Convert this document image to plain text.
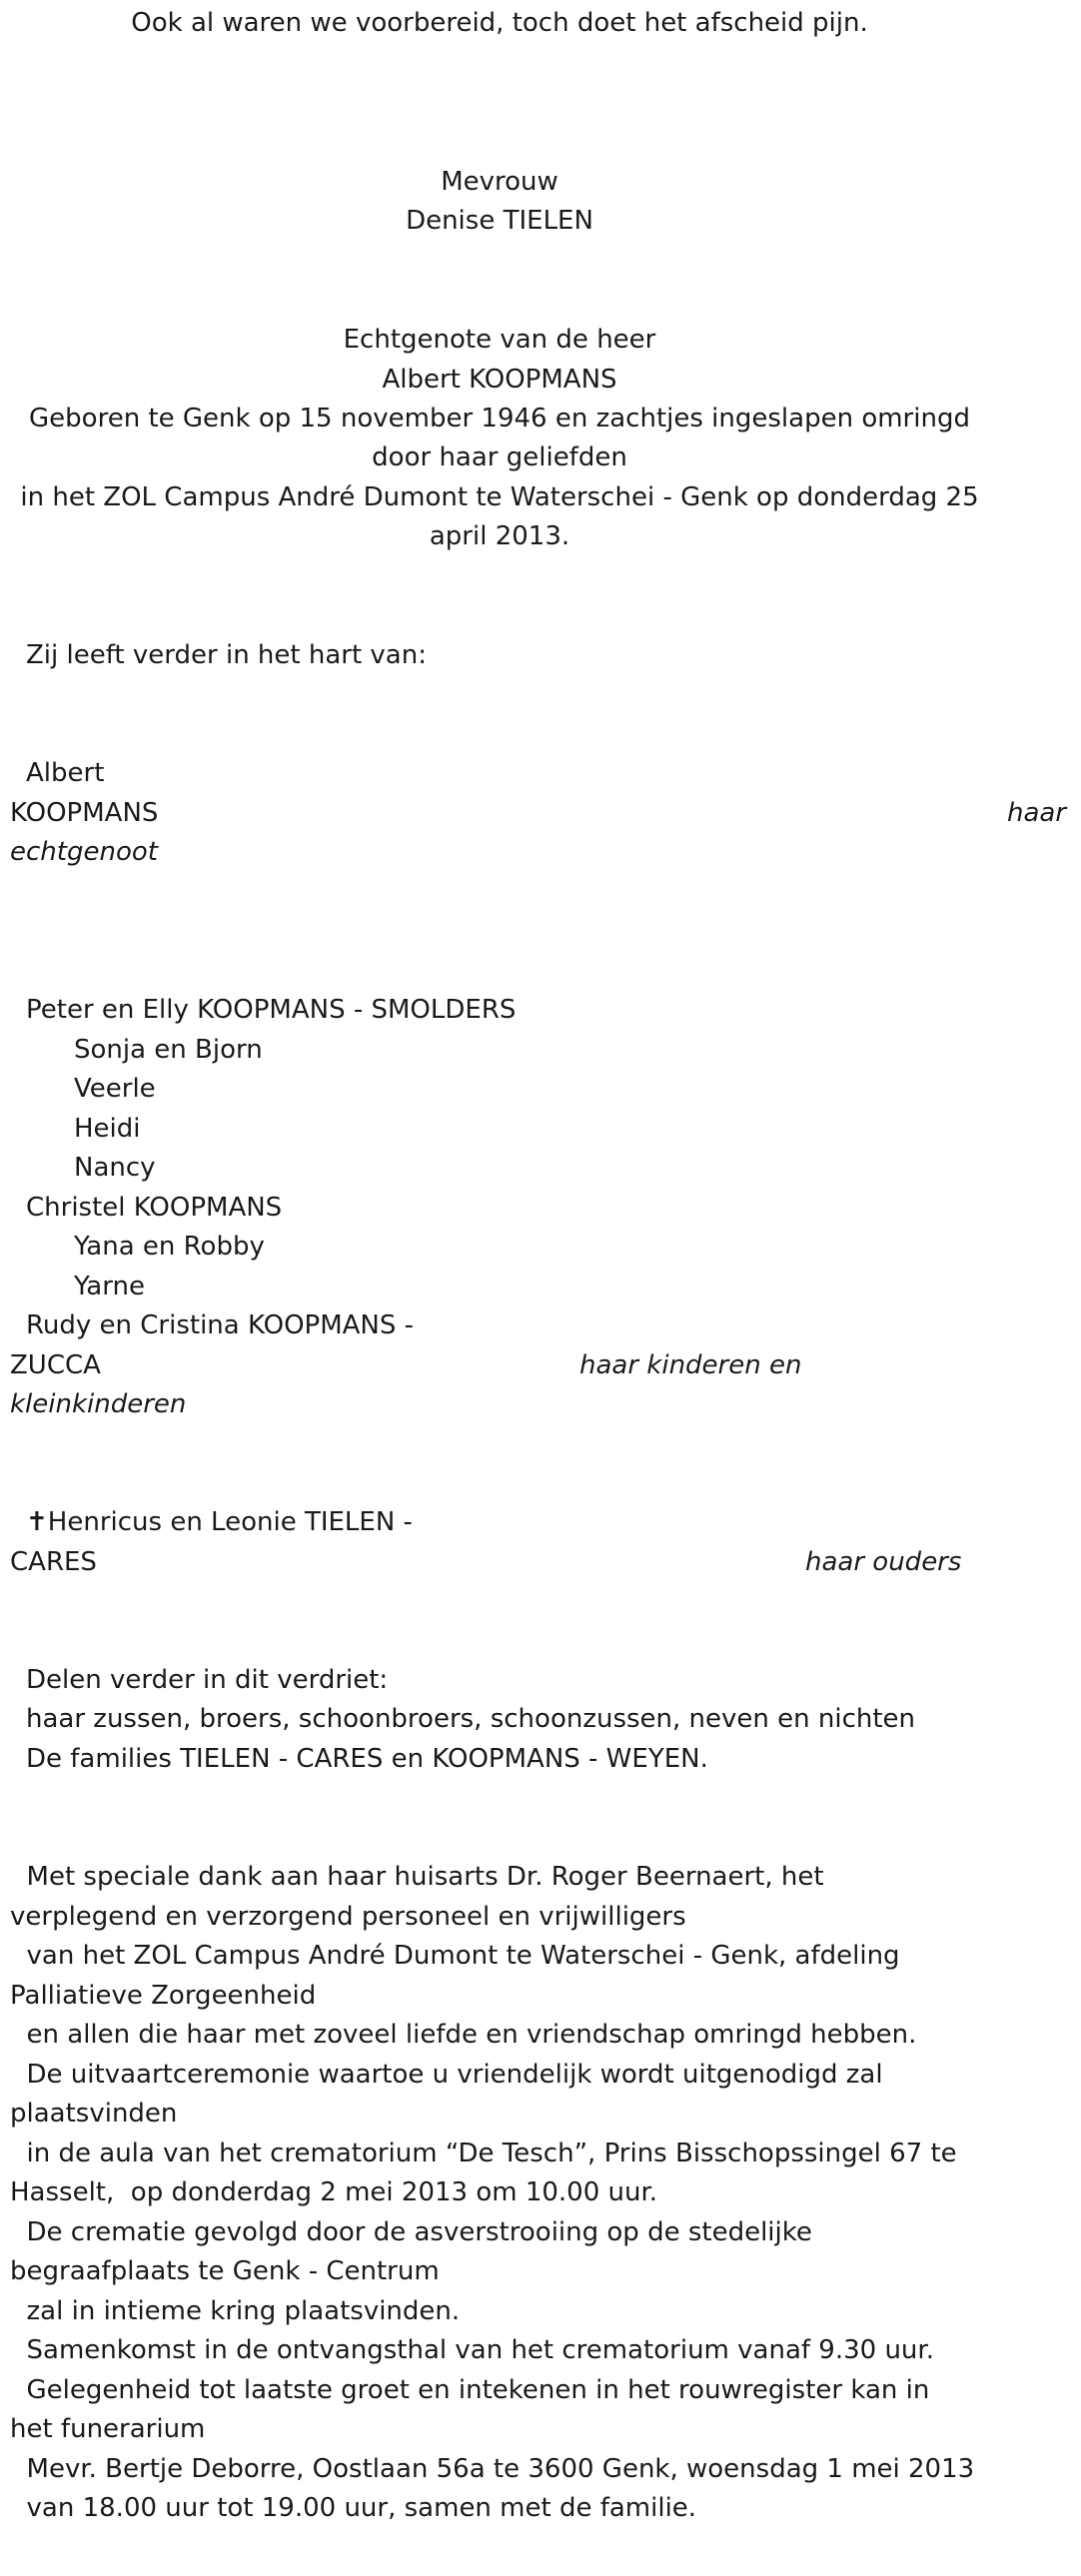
Ook al waren we voorbereid, toch doet het afscheid pijn.

Mevrouw

Denise TIELEN

Echtgenote van de heer

Albert KOOPMANS

Geboren te Genk op 15 november 1946 en zachtjes ingeslapen omringd

door haar geliefden

in het ZOL Campus André Dumont te Waterschei - Genk op donderdag 25

april 2013.

Zij leeft verder in het hart van:

Albert

KOOPMANS	haar

echtgenoot

Peter en Elly KOOPMANS - SMOLDERS

Sonja en Bjorn

Veerle

Heidi

Nancy

Christel KOOPMANS

Yana en Robby

Yarne

Rudy en Cristina KOOPMANS -

ZUCCA	haar kinderen en

kleinkinderen

✝Henricus en Leonie TIELEN -

CARES	haar ouders

Delen verder in dit verdriet:

haar zussen, broers, schoonbroers, schoonzussen, neven en nichten

De families TIELEN - CARES en KOOPMANS - WEYEN.

Met speciale dank aan haar huisarts Dr. Roger Beernaert, het

verplegend en verzorgend personeel en vrijwilligers

van het ZOL Campus André Dumont te Waterschei - Genk, afdeling

Palliatieve Zorgeenheid

en allen die haar met zoveel liefde en vriendschap omringd hebben.

De uitvaartceremonie waartoe u vriendelijk wordt uitgenodigd zal

plaatsvinden

in de aula van het crematorium “De Tesch”, Prins Bisschopssingel 67 te

Hasselt,  op donderdag 2 mei 2013 om 10.00 uur.

De crematie gevolgd door de asverstrooiing op de stedelijke

begraafplaats te Genk - Centrum

zal in intieme kring plaatsvinden.

Samenkomst in de ontvangsthal van het crematorium vanaf 9.30 uur.

Gelegenheid tot laatste groet en intekenen in het rouwregister kan in

het funerarium

Mevr. Bertje Deborre, Oostlaan 56a te 3600 Genk, woensdag 1 mei 2013

van 18.00 uur tot 19.00 uur, samen met de familie.
